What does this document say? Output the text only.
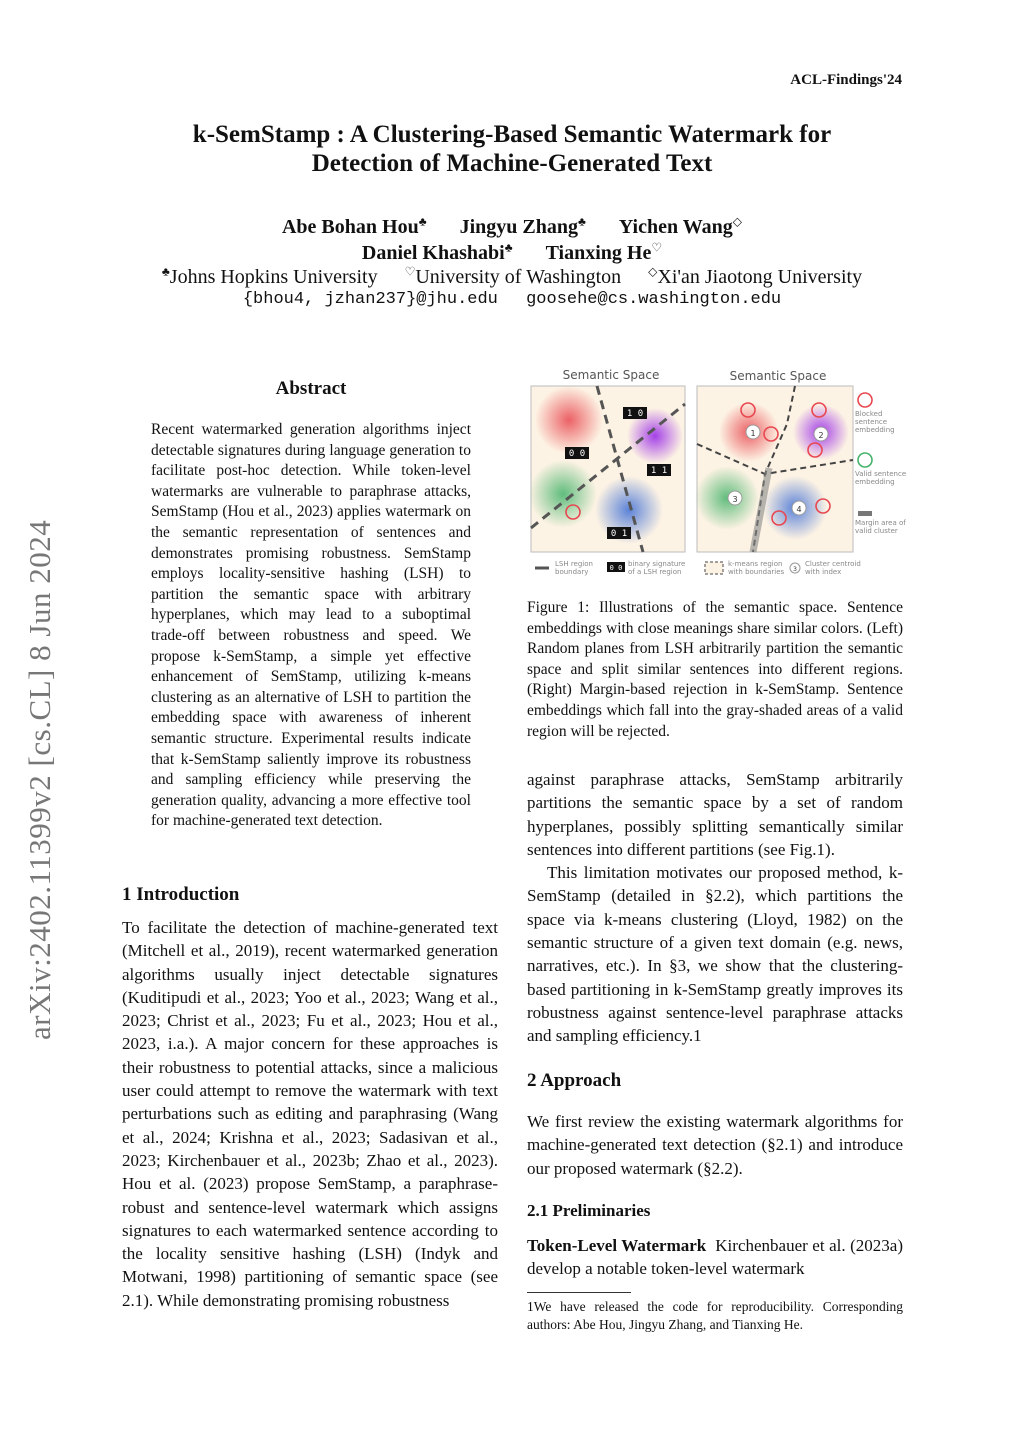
ACL-Findings'24
arXiv:2402.11399v2 [cs.CL] 8 Jun 2024
k-SemStamp : A Clustering-Based Semantic Watermark for
Detection of Machine-Generated Text
Abe Bohan Hou♣ Jingyu Zhang♣ Yichen Wang◇
Daniel Khashabi♣ Tianxing He♡
♣Johns Hopkins University ♡University of Washington ◇Xi'an Jiaotong University
{bhou4, jzhan237}@jhu.edu goosehe@cs.washington.edu
Abstract
Recent watermarked generation algorithms inject detectable signatures during language generation to facilitate post-hoc detection. While token-level watermarks are vulnerable to paraphrase attacks, SemStamp (Hou et al., 2023) applies watermark on the semantic representation of sentences and demonstrates promising robustness. SemStamp employs locality-sensitive hashing (LSH) to partition the semantic space with arbitrary hyperplanes, which may lead to a suboptimal trade-off between robustness and speed. We propose k-SemStamp, a simple yet effective enhancement of SemStamp, utilizing k-means clustering as an alternative of LSH to partition the embedding space with awareness of inherent semantic structure. Experimental results indicate that k-SemStamp saliently improve its robustness and sampling efficiency while preserving the generation quality, advancing a more effective tool for machine-generated text detection.
1 Introduction
To facilitate the detection of machine-generated text (Mitchell et al., 2019), recent watermarked generation algorithms usually inject detectable signatures (Kuditipudi et al., 2023; Yoo et al., 2023; Wang et al., 2023; Christ et al., 2023; Fu et al., 2023; Hou et al., 2023, i.a.). A major concern for these approaches is their robustness to potential attacks, since a malicious user could attempt to remove the watermark with text perturbations such as editing and paraphrasing (Wang et al., 2024; Krishna et al., 2023; Sadasivan et al., 2023; Kirchenbauer et al., 2023b; Zhao et al., 2023). Hou et al. (2023) propose SemStamp, a paraphrase-robust and sentence-level watermark which assigns signatures to each watermarked sentence according to the locality sensitive hashing (LSH) (Indyk and Motwani, 1998) partitioning of semantic space (see 2.1). While demonstrating promising robustness
Semantic Space	Semantic Space
1 0
0 0
1 1
0 1
1	2
3
4
Blocked sentence embedding
Valid sentence embedding
Margin area of valid cluster
LSH region boundary	0 0 binary signature of a LSH region
k-means region with boundaries	3
Cluster centroid with index
Figure 1: Illustrations of the semantic space. Sentence embeddings with close meanings share similar colors. (Left) Random planes from LSH arbitrarily partition the semantic space and split similar sentences into different regions. (Right) Margin-based rejection in k-SemStamp. Sentence embeddings which fall into the gray-shaded areas of a valid region will be rejected.

against paraphrase attacks, SemStamp arbitrarily partitions the semantic space by a set of random hyperplanes, possibly splitting semantically similar sentences into different partitions (see Fig.1).

This limitation motivates our proposed method, k-SemStamp (detailed in §2.2), which partitions the space via k-means clustering (Lloyd, 1982) on the semantic structure of a given text domain (e.g. news, narratives, etc.). In §3, we show that the clustering-based partitioning in k-SemStamp greatly improves its robustness against sentence-level paraphrase attacks and sampling efficiency.1

2 Approach
We first review the existing watermark algorithms for machine-generated text detection (§2.1) and introduce our proposed watermark (§2.2).
2.1 Preliminaries
Token-Level Watermark Kirchenbauer et al. (2023a) develop a notable token-level watermark
1We have released the code for reproducibility. Corresponding authors: Abe Hou, Jingyu Zhang, and Tianxing He.
